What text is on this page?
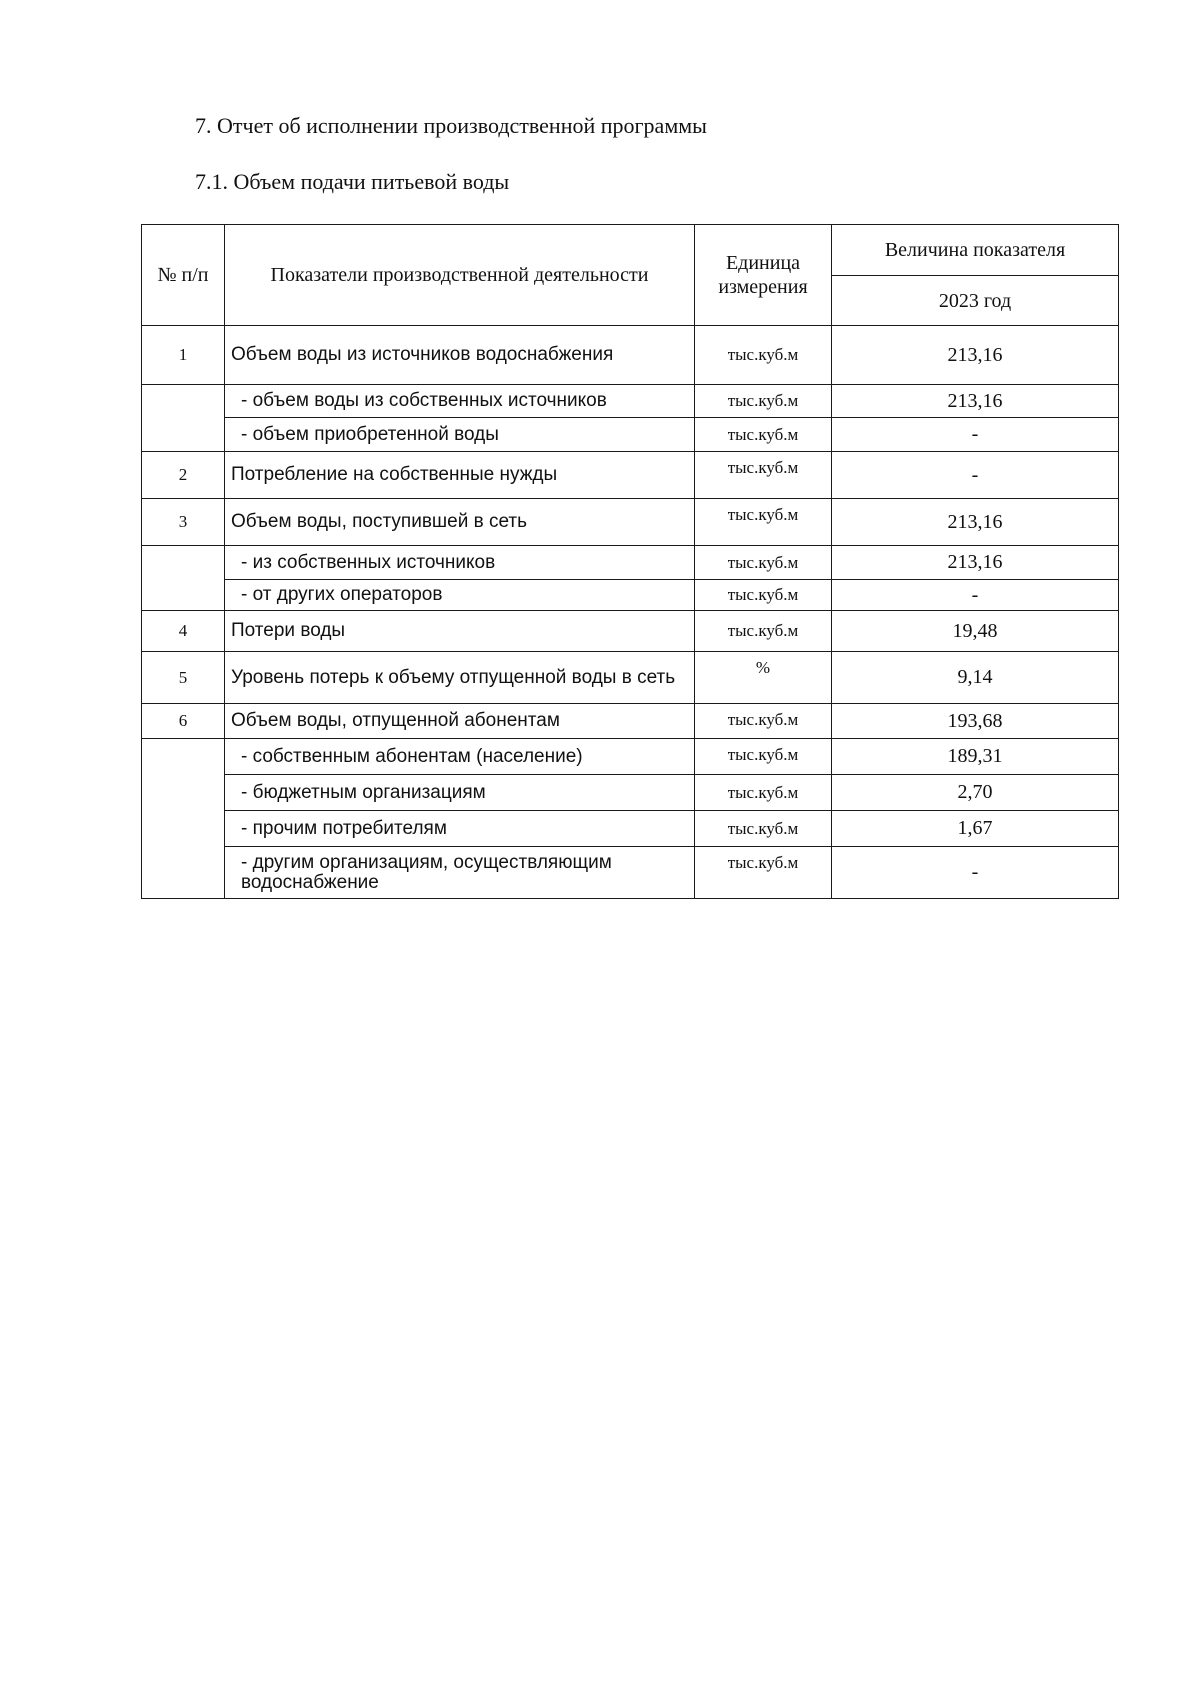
7. Отчет об исполнении производственной программы
7.1. Объем подачи питьевой воды
№ п/п	Показатели производственной деятельности	Единица измерения	Величина показателя
			2023 год
1	Объем воды из источников водоснабжения	тыс.куб.м	213,16
	- объем воды из собственных источников	тыс.куб.м	213,16
	- объем приобретенной воды	тыс.куб.м	-
2	Потребление на собственные нужды	тыс.куб.м	-
3	Объем воды, поступившей в сеть	тыс.куб.м	213,16
	- из собственных источников	тыс.куб.м	213,16
	- от других операторов	тыс.куб.м	-
4	Потери воды	тыс.куб.м	19,48
5	Уровень потерь к объему отпущенной воды в сеть	%	9,14
6	Объем воды, отпущенной абонентам	тыс.куб.м	193,68
	- собственным абонентам (население)	тыс.куб.м	189,31
	- бюджетным организациям	тыс.куб.м	2,70
	- прочим потребителям	тыс.куб.м	1,67
	- другим организациям, осуществляющим водоснабжение	тыс.куб.м	-
